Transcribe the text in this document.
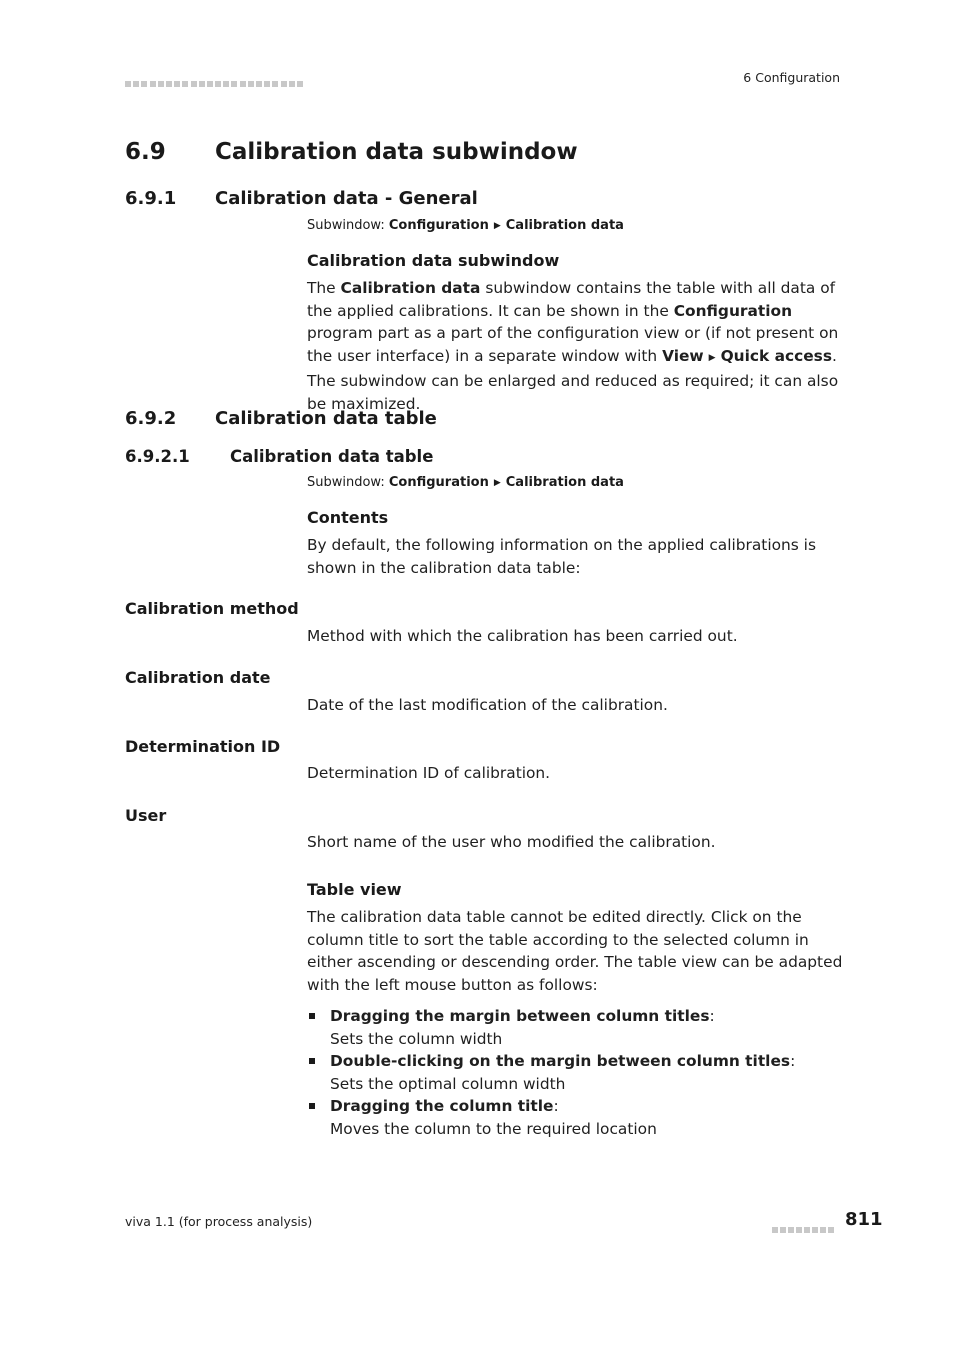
6 Configuration
6.9 Calibration data subwindow
6.9.1 Calibration data - General
Subwindow: Configuration ▶ Calibration data
Calibration data subwindow
The Calibration data subwindow contains the table with all data of the applied calibrations. It can be shown in the Configuration program part as a part of the configuration view or (if not present on the user interface) in a separate window with View ▶ Quick access. The subwindow can be enlarged and reduced as required; it can also be maximized.
6.9.2 Calibration data table
6.9.2.1 Calibration data table
Subwindow: Configuration ▶ Calibration data
Contents
By default, the following information on the applied calibrations is shown in the calibration data table:
Calibration method
Method with which the calibration has been carried out.
Calibration date
Date of the last modification of the calibration.
Determination ID
Determination ID of calibration.
User
Short name of the user who modified the calibration.
Table view
The calibration data table cannot be edited directly. Click on the column title to sort the table according to the selected column in either ascending or descending order. The table view can be adapted with the left mouse button as follows:
Dragging the margin between column titles:
Sets the column width
Double-clicking on the margin between column titles:
Sets the optimal column width
Dragging the column title:
Moves the column to the required location
viva 1.1 (for process analysis)	811
